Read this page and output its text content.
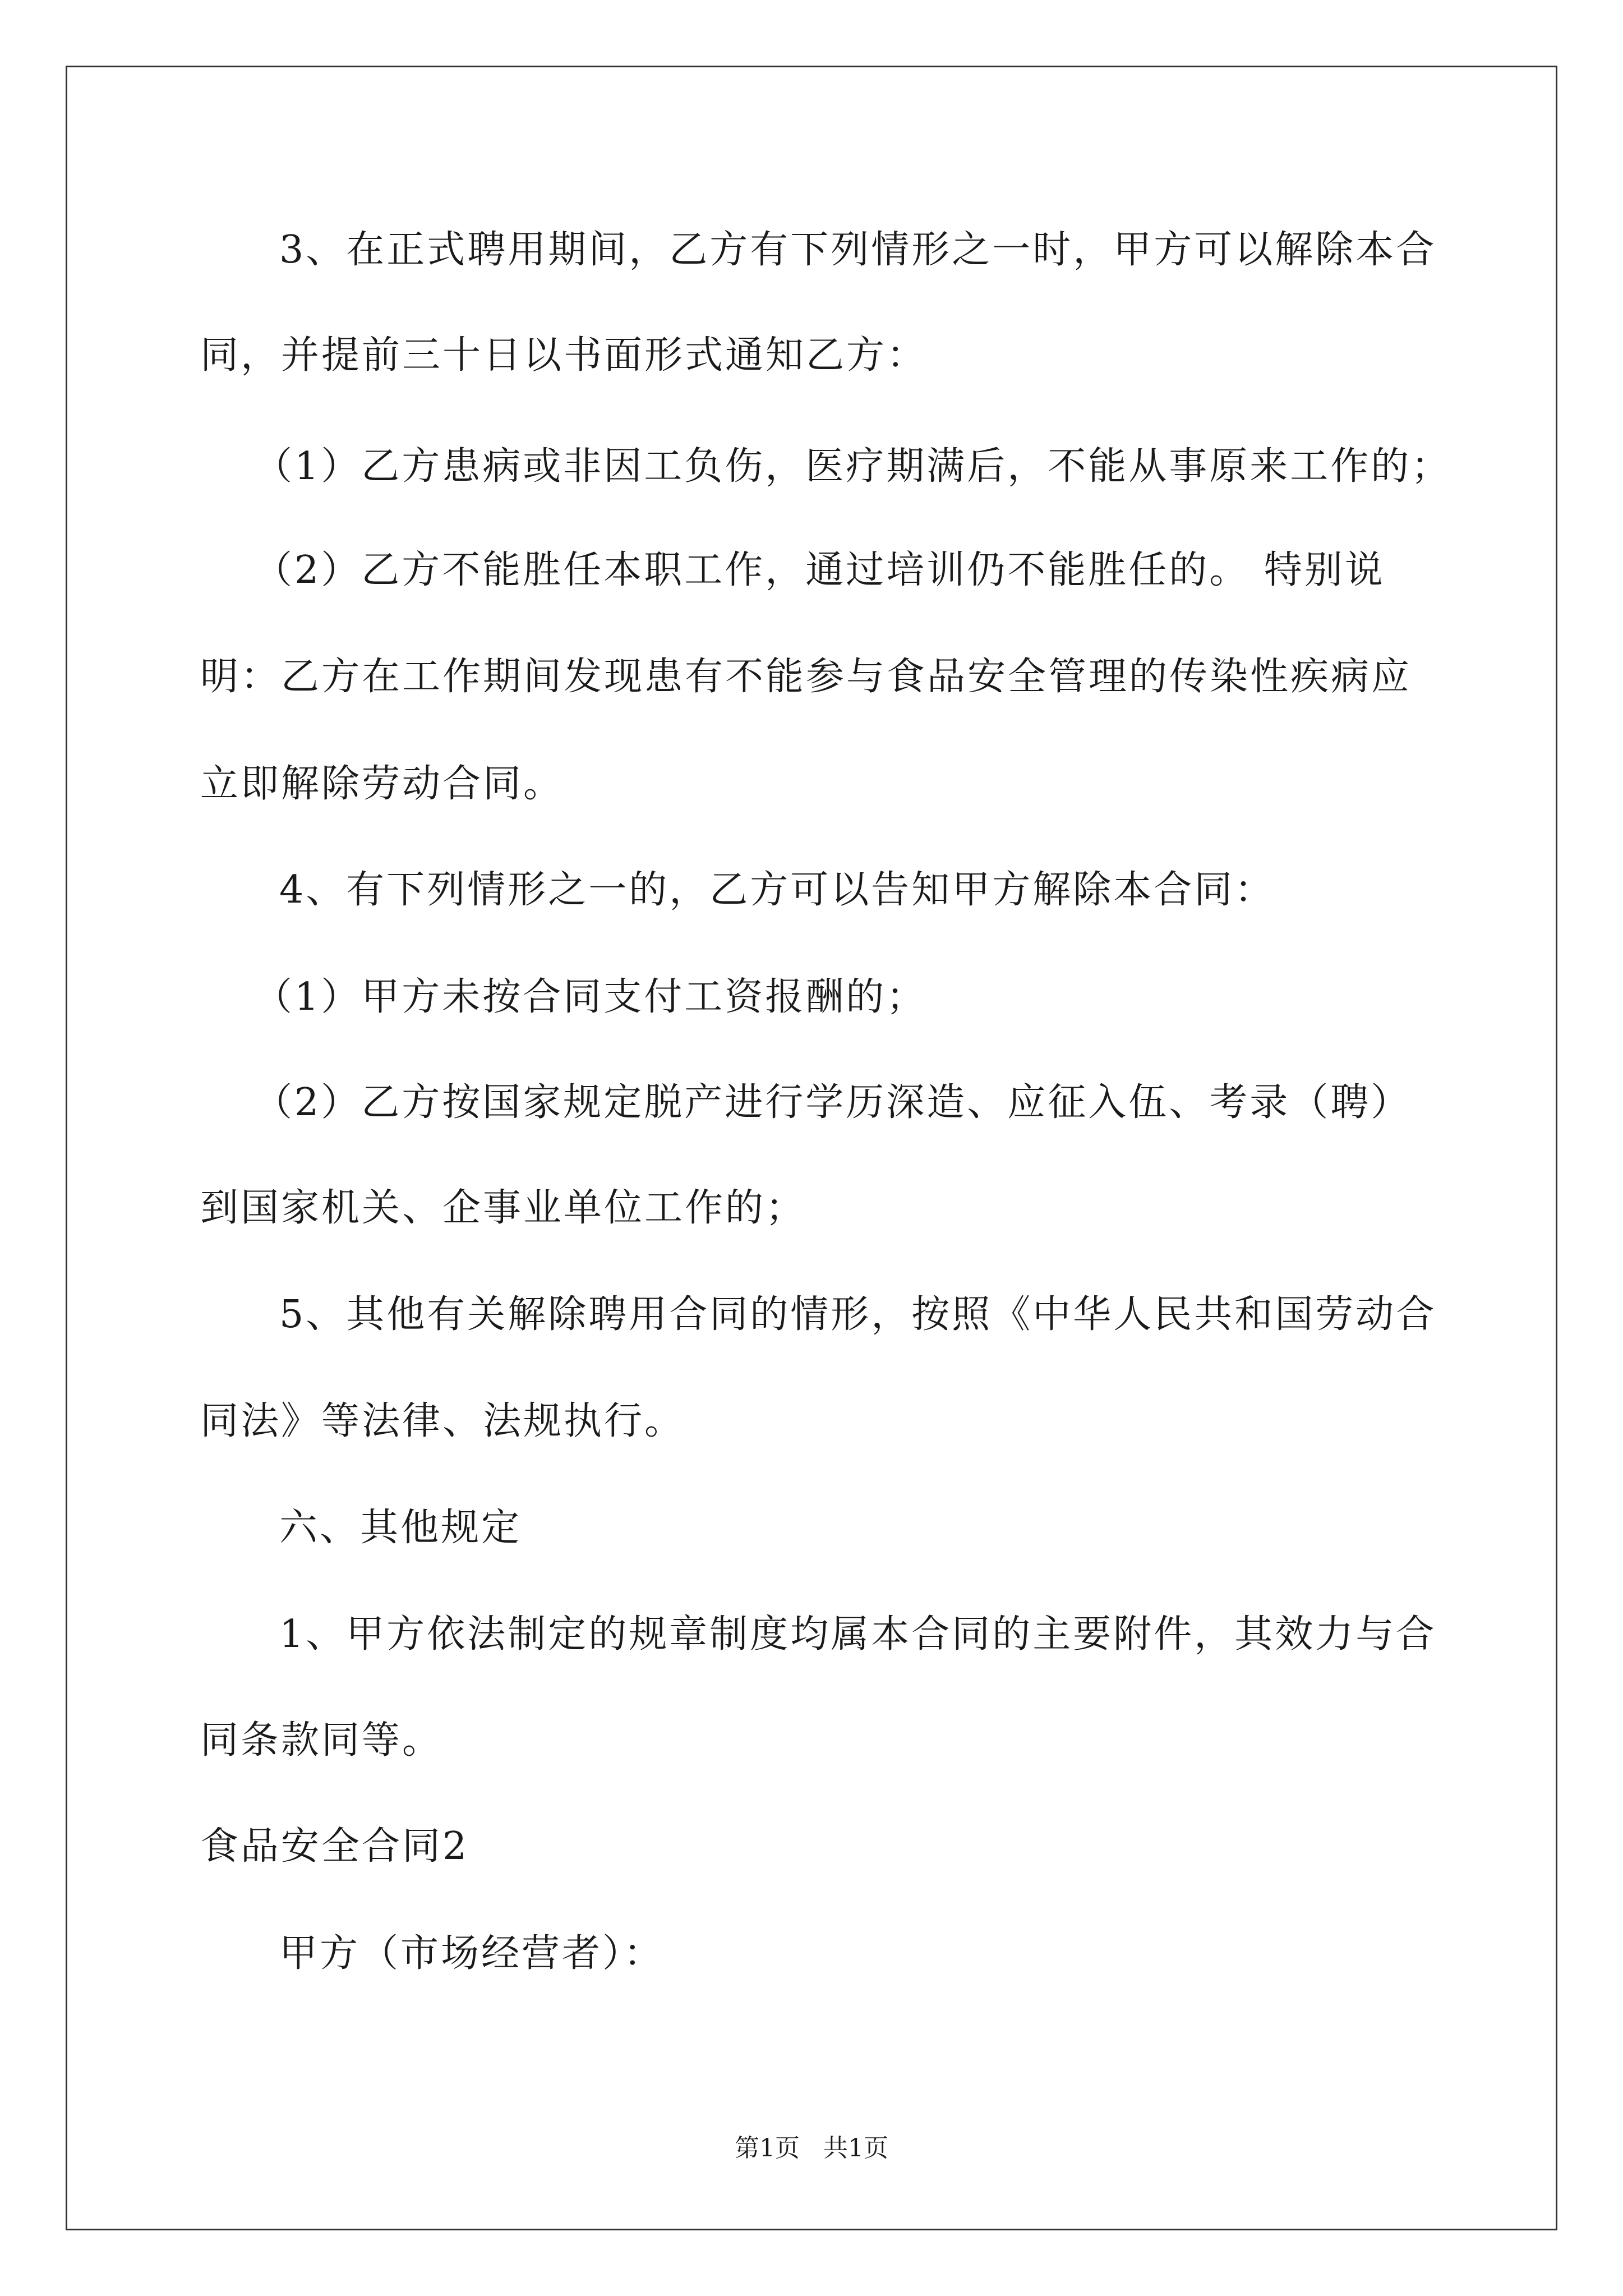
3、在正式聘用期间，乙方有下列情形之一时，甲方可以解除本合

同，并提前三十日以书面形式通知乙方：

（1）乙方患病或非因工负伤，医疗期满后，不能从事原来工作的；

（2）乙方不能胜任本职工作，通过培训仍不能胜任的。 特别说

明：乙方在工作期间发现患有不能参与食品安全管理的传染性疾病应

立即解除劳动合同。

4、有下列情形之一的，乙方可以告知甲方解除本合同：

（1）甲方未按合同支付工资报酬的；

（2）乙方按国家规定脱产进行学历深造、应征入伍、考录（聘）

到国家机关、企事业单位工作的；

5、其他有关解除聘用合同的情形，按照《中华人民共和国劳动合

同法》等法律、法规执行。

六、其他规定

1、甲方依法制定的规章制度均属本合同的主要附件，其效力与合

同条款同等。

食品安全合同2

甲方（市场经营者）：

第1页   共1页
